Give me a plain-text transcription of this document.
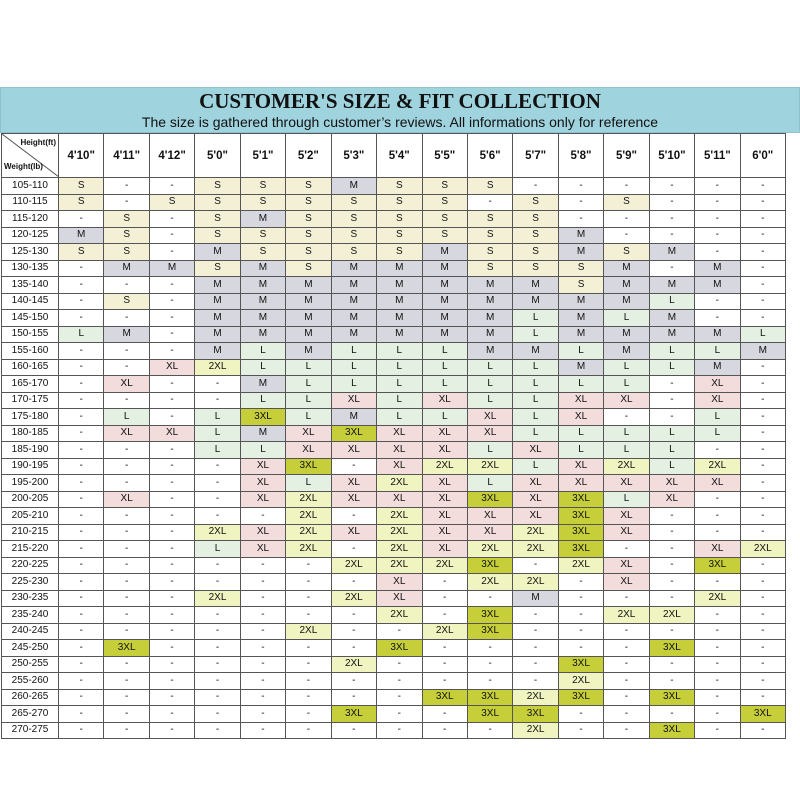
CUSTOMER'S SIZE & FIT COLLECTION
The size is gathered through customer’s reviews. All informations only for reference
Height(ft)
Weight(lb)	4'10"	4'11"	4'12"	5'0"	5'1"	5'2"	5'3"	5'4"	5'5"	5'6"	5'7"	5'8"	5'9"	5'10"	5'11"	6'0"
105-110	S	-	-	S	S	S	M	S	S	S	-	-	-	-	-	-
110-115	S	-	S	S	S	S	S	S	S	-	S	-	S	-	-	-
115-120	-	S	-	S	M	S	S	S	S	S	S	-	-	-	-	-
120-125	M	S	-	S	S	S	S	S	S	S	S	M	-	-	-	-
125-130	S	S	-	M	S	S	S	S	M	S	S	M	S	M	-	-
130-135	-	M	M	S	M	S	M	M	M	S	S	S	M	-	M	-
135-140	-	-	-	M	M	M	M	M	M	M	M	S	M	M	M	-
140-145	-	S	-	M	M	M	M	M	M	M	M	M	M	L	-	-
145-150	-	-	-	M	M	M	M	M	M	M	L	M	L	M	-	-
150-155	L	M	-	M	M	M	M	M	M	M	L	M	M	M	M	L
155-160	-	-	-	M	L	M	L	L	L	M	M	L	M	L	L	M
160-165	-	-	XL	2XL	L	L	L	L	L	L	L	M	L	L	M	-
165-170	-	XL	-	-	M	L	L	L	L	L	L	L	L	-	XL	-
170-175	-	-	-	-	L	L	XL	L	XL	L	L	XL	XL	-	XL	-
175-180	-	L	-	L	3XL	L	M	L	L	XL	L	XL	-	-	L	-
180-185	-	XL	XL	L	M	XL	3XL	XL	XL	XL	L	L	L	L	L	-
185-190	-	-	-	L	L	XL	XL	XL	XL	L	XL	L	L	L	-	-
190-195	-	-	-	-	XL	3XL	-	XL	2XL	2XL	L	XL	2XL	L	2XL	-
195-200	-	-	-	-	XL	L	XL	2XL	XL	L	XL	XL	XL	XL	XL	-
200-205	-	XL	-	-	XL	2XL	XL	XL	XL	3XL	XL	3XL	L	XL	-	-
205-210	-	-	-	-	-	2XL	-	2XL	XL	XL	XL	3XL	XL	-	-	-
210-215	-	-	-	2XL	XL	2XL	XL	2XL	XL	XL	2XL	3XL	XL	-	-	-
215-220	-	-	-	L	XL	2XL	-	2XL	XL	2XL	2XL	3XL	-	-	XL	2XL
220-225	-	-	-	-	-	-	2XL	2XL	2XL	3XL	-	2XL	XL	-	3XL	-
225-230	-	-	-	-	-	-	-	XL	-	2XL	2XL	-	XL	-	-	-
230-235	-	-	-	2XL	-	-	2XL	XL	-	-	M	-	-	-	2XL	-
235-240	-	-	-	-	-	-	-	2XL	-	3XL	-	-	2XL	2XL	-	-
240-245	-	-	-	-	-	2XL	-	-	2XL	3XL	-	-	-	-	-	-
245-250	-	3XL	-	-	-	-	-	3XL	-	-	-	-	-	3XL	-	-
250-255	-	-	-	-	-	-	2XL	-	-	-	-	3XL	-	-	-	-
255-260	-	-	-	-	-	-	-	-	-	-	-	2XL	-	-	-	-
260-265	-	-	-	-	-	-	-	-	3XL	3XL	2XL	3XL	-	3XL	-	-
265-270	-	-	-	-	-	-	3XL	-	-	3XL	3XL	-	-	-	-	3XL
270-275	-	-	-	-	-	-	-	-	-	-	2XL	-	-	3XL	-	-
